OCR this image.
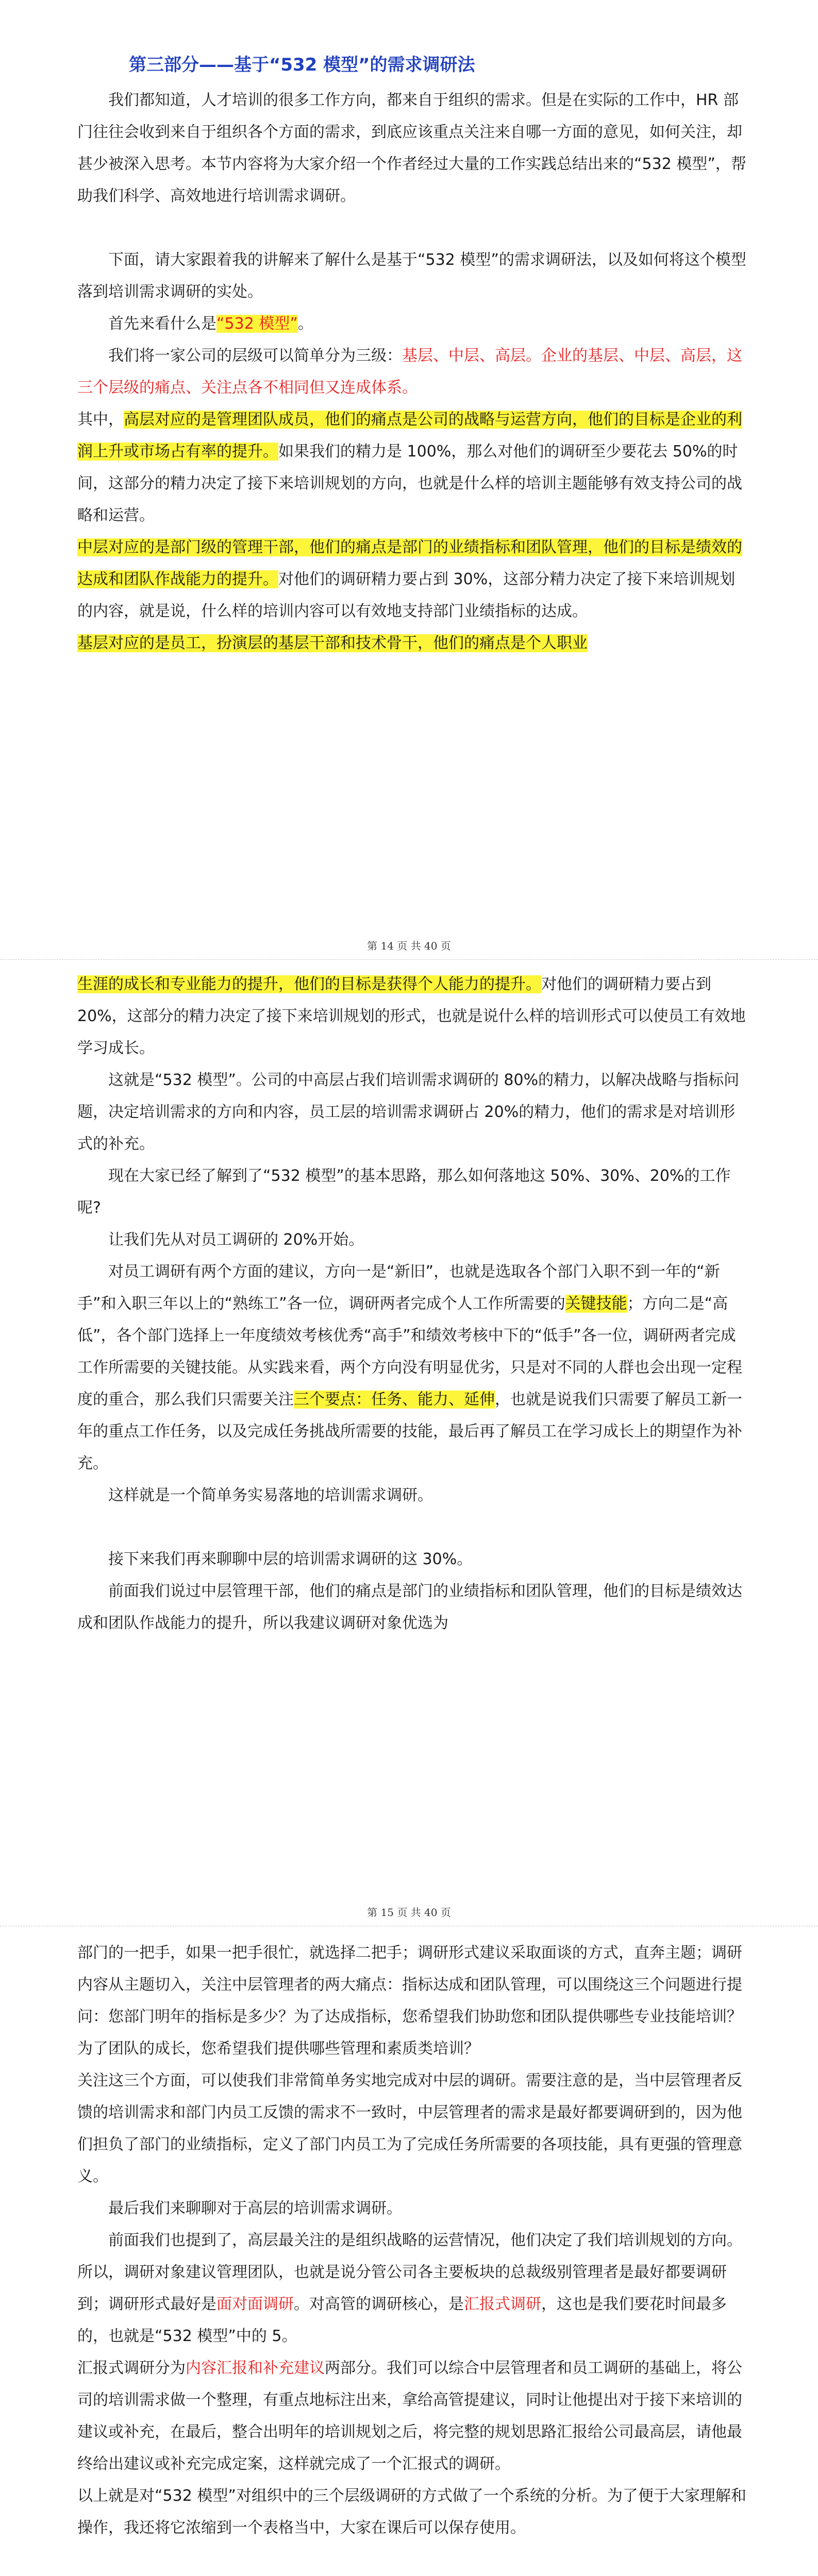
第三部分——基于“532 模型”的需求调研法

我们都知道，人才培训的很多工作方向，都来自于组织的需求。但是在实际的工作中，HR 部门往往会收到来自于组织各个方面的需求，到底应该重点关注来自哪一方面的意见，如何关注，却甚少被深入思考。本节内容将为大家介绍一个作者经过大量的工作实践总结出来的“532 模型”，帮助我们科学、高效地进行培训需求调研。

下面，请大家跟着我的讲解来了解什么是基于“532 模型”的需求调研法，以及如何将这个模型落到培训需求调研的实处。

首先来看什么是“532 模型”。

我们将一家公司的层级可以简单分为三级：基层、中层、高层。企业的基层、中层、高层，这三个层级的痛点、关注点各不相同但又连成体系。

其中，高层对应的是管理团队成员，他们的痛点是公司的战略与运营方向，他们的目标是企业的利润上升或市场占有率的提升。如果我们的精力是 100%，那么对他们的调研至少要花去 50%的时间，这部分的精力决定了接下来培训规划的方向，也就是什么样的培训主题能够有效支持公司的战略和运营。

中层对应的是部门级的管理干部，他们的痛点是部门的业绩指标和团队管理，他们的目标是绩效的达成和团队作战能力的提升。对他们的调研精力要占到 30%，这部分精力决定了接下来培训规划的内容，就是说，什么样的培训内容可以有效地支持部门业绩指标的达成。

基层对应的是员工，扮演层的基层干部和技术骨干，他们的痛点是个人职业

第 14 页 共 40 页

生涯的成长和专业能力的提升，他们的目标是获得个人能力的提升。对他们的调研精力要占到 20%，这部分的精力决定了接下来培训规划的形式，也就是说什么样的培训形式可以使员工有效地学习成长。

这就是“532 模型”。公司的中高层占我们培训需求调研的 80%的精力，以解决战略与指标问题，决定培训需求的方向和内容，员工层的培训需求调研占 20%的精力，他们的需求是对培训形式的补充。

现在大家已经了解到了“532 模型”的基本思路，那么如何落地这 50%、30%、20%的工作呢?

让我们先从对员工调研的 20%开始。

对员工调研有两个方面的建议，方向一是“新旧”，也就是选取各个部门入职不到一年的“新手”和入职三年以上的“熟练工”各一位，调研两者完成个人工作所需要的关键技能；方向二是“高低”，各个部门选择上一年度绩效考核优秀“高手”和绩效考核中下的“低手”各一位，调研两者完成工作所需要的关键技能。从实践来看，两个方向没有明显优劣，只是对不同的人群也会出现一定程度的重合，那么我们只需要关注三个要点：任务、能力、延伸，也就是说我们只需要了解员工新一年的重点工作任务，以及完成任务挑战所需要的技能，最后再了解员工在学习成长上的期望作为补充。

这样就是一个简单务实易落地的培训需求调研。

接下来我们再来聊聊中层的培训需求调研的这 30%。

前面我们说过中层管理干部，他们的痛点是部门的业绩指标和团队管理，他们的目标是绩效达成和团队作战能力的提升，所以我建议调研对象优选为

第 15 页 共 40 页

部门的一把手，如果一把手很忙，就选择二把手；调研形式建议采取面谈的方式，直奔主题；调研内容从主题切入，关注中层管理者的两大痛点：指标达成和团队管理，可以围绕这三个问题进行提问：您部门明年的指标是多少？为了达成指标，您希望我们协助您和团队提供哪些专业技能培训？为了团队的成长，您希望我们提供哪些管理和素质类培训？

关注这三个方面，可以使我们非常简单务实地完成对中层的调研。需要注意的是，当中层管理者反馈的培训需求和部门内员工反馈的需求不一致时，中层管理者的需求是最好都要调研到的，因为他们担负了部门的业绩指标，定义了部门内员工为了完成任务所需要的各项技能，具有更强的管理意义。

最后我们来聊聊对于高层的培训需求调研。

前面我们也提到了，高层最关注的是组织战略的运营情况，他们决定了我们培训规划的方向。所以，调研对象建议管理团队，也就是说分管公司各主要板块的总裁级别管理者是最好都要调研到；调研形式最好是面对面调研。对高管的调研核心，是汇报式调研，这也是我们要花时间最多的，也就是“532 模型”中的 5。

汇报式调研分为内容汇报和补充建议两部分。我们可以综合中层管理者和员工调研的基础上，将公司的培训需求做一个整理，有重点地标注出来，拿给高管提建议，同时让他提出对于接下来培训的建议或补充，在最后，整合出明年的培训规划之后，将完整的规划思路汇报给公司最高层，请他最终给出建议或补充完成定案，这样就完成了一个汇报式的调研。

以上就是对“532 模型”对组织中的三个层级调研的方式做了一个系统的分析。为了便于大家理解和操作，我还将它浓缩到一个表格当中，大家在课后可以保存使用。
